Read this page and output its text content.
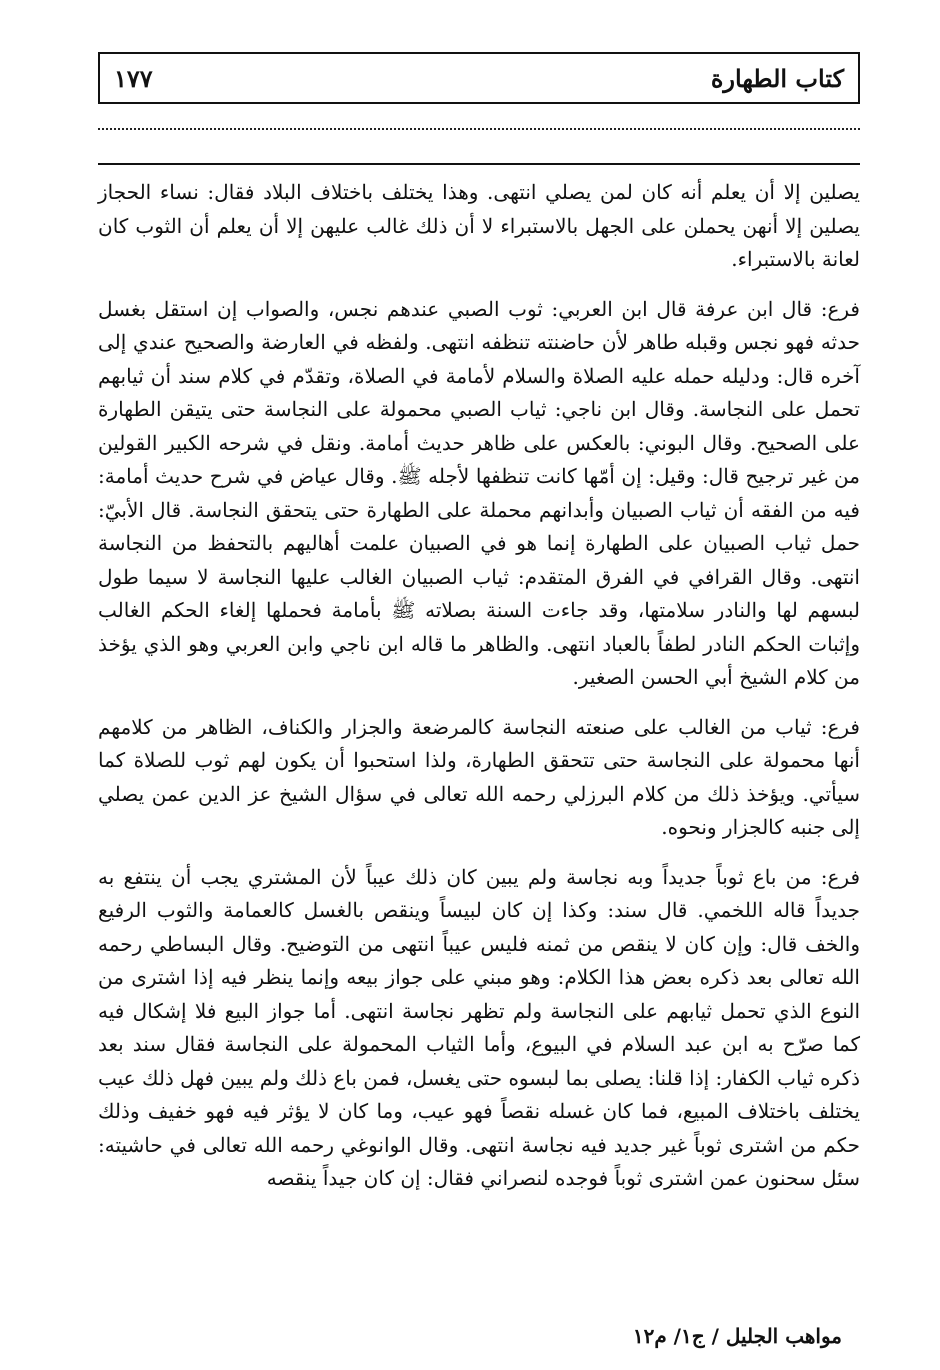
كتاب الطهارة
١٧٧

يصلين إلا أن يعلم أنه كان لمن يصلي انتهى. وهذا يختلف باختلاف البلاد فقال: نساء الحجاز يصلين إلا أنهن يحملن على الجهل بالاستبراء لا أن ذلك غالب عليهن إلا أن يعلم أن الثوب كان لعانة بالاستبراء.

فرع: قال ابن عرفة قال ابن العربي: ثوب الصبي عندهم نجس، والصواب إن استقل بغسل حدثه فهو نجس وقبله طاهر لأن حاضنته تنظفه انتهى. ولفظه في العارضة والصحيح عندي إلى آخره قال: ودليله حمله عليه الصلاة والسلام لأمامة في الصلاة، وتقدّم في كلام سند أن ثيابهم تحمل على النجاسة. وقال ابن ناجي: ثياب الصبي محمولة على النجاسة حتى يتيقن الطهارة على الصحيح. وقال البوني: بالعكس على ظاهر حديث أمامة. ونقل في شرحه الكبير القولين من غير ترجيح قال: وقيل: إن أمّها كانت تنظفها لأجله ﷺ. وقال عياض في شرح حديث أمامة: فيه من الفقه أن ثياب الصبيان وأبدانهم محملة على الطهارة حتى يتحقق النجاسة. قال الأبيّ: حمل ثياب الصبيان على الطهارة إنما هو في الصبيان علمت أهاليهم بالتحفظ من النجاسة انتهى. وقال القرافي في الفرق المتقدم: ثياب الصبيان الغالب عليها النجاسة لا سيما طول لبسهم لها والنادر سلامتها، وقد جاءت السنة بصلاته ﷺ بأمامة فحملها إلغاء الحكم الغالب وإثبات الحكم النادر لطفاً بالعباد انتهى. والظاهر ما قاله ابن ناجي وابن العربي وهو الذي يؤخذ من كلام الشيخ أبي الحسن الصغير.

فرع: ثياب من الغالب على صنعته النجاسة كالمرضعة والجزار والكناف، الظاهر من كلامهم أنها محمولة على النجاسة حتى تتحقق الطهارة، ولذا استحبوا أن يكون لهم ثوب للصلاة كما سيأتي. ويؤخذ ذلك من كلام البرزلي رحمه الله تعالى في سؤال الشيخ عز الدين عمن يصلي إلى جنبه كالجزار ونحوه.

فرع: من باع ثوباً جديداً وبه نجاسة ولم يبين كان ذلك عيباً لأن المشتري يجب أن ينتفع به جديداً قاله اللخمي. قال سند: وكذا إن كان لبيساً وينقص بالغسل كالعمامة والثوب الرفيع والخف قال: وإن كان لا ينقص من ثمنه فليس عيباً انتهى من التوضيح. وقال البساطي رحمه الله تعالى بعد ذكره بعض هذا الكلام: وهو مبني على جواز بيعه وإنما ينظر فيه إذا اشترى من النوع الذي تحمل ثيابهم على النجاسة ولم تظهر نجاسة انتهى. أما جواز البيع فلا إشكال فيه كما صرّح به ابن عبد السلام في البيوع، وأما الثياب المحمولة على النجاسة فقال سند بعد ذكره ثياب الكفار: إذا قلنا: يصلى بما لبسوه حتى يغسل، فمن باع ذلك ولم يبين فهل ذلك عيب يختلف باختلاف المبيع، فما كان غسله نقصاً فهو عيب، وما كان لا يؤثر فيه فهو خفيف وذلك حكم من اشترى ثوباً غير جديد فيه نجاسة انتهى. وقال الوانوغي رحمه الله تعالى في حاشيته: سئل سحنون عمن اشترى ثوباً فوجده لنصراني فقال: إن كان جيداً ينقصه

مواهب الجليل / ج١/ م١٢
